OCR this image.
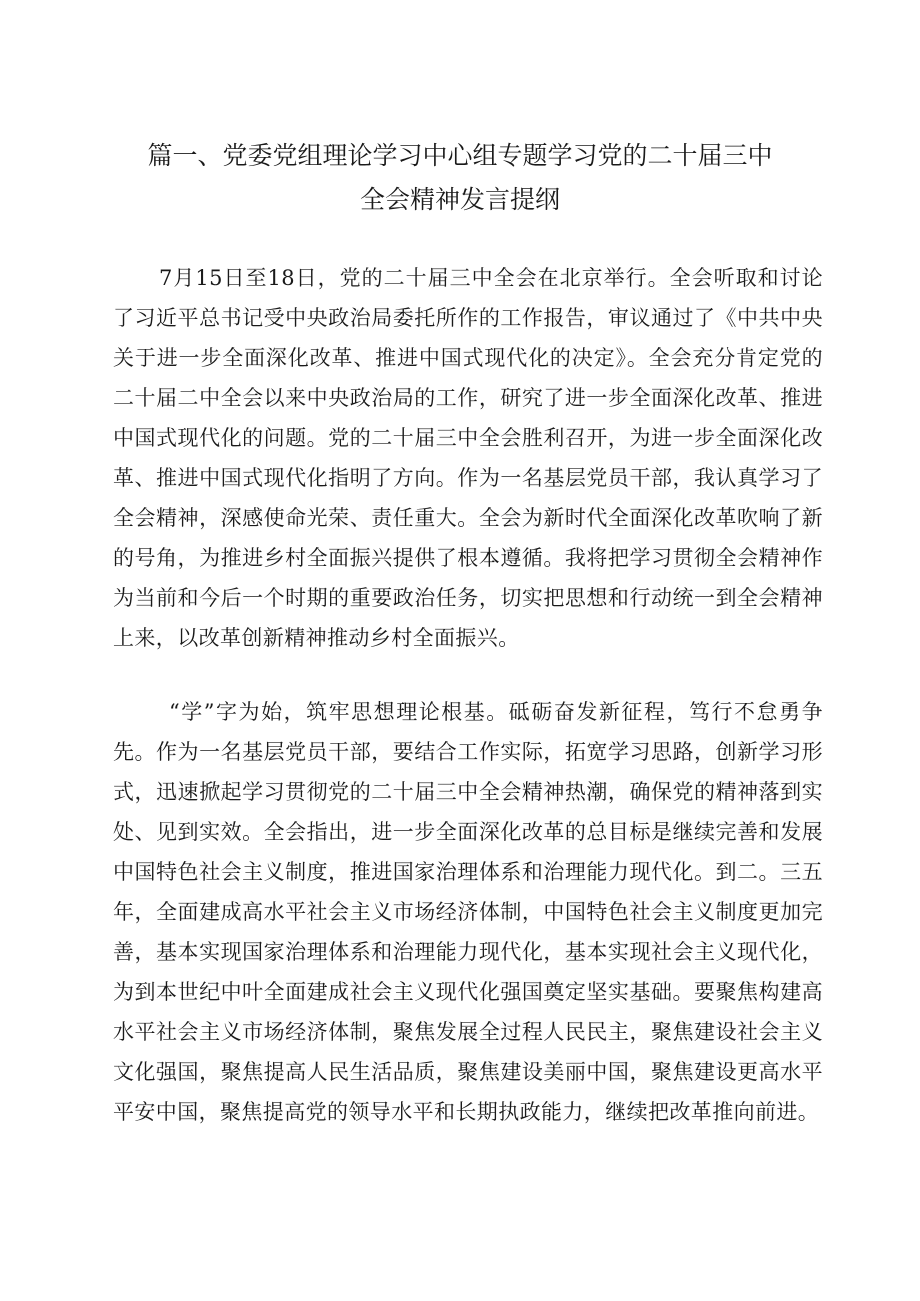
篇一、党委党组理论学习中心组专题学习党的二十届三中
全会精神发言提纲

7月15日至18日，党的二十届三中全会在北京举行。全会听取和讨论了习近平总书记受中央政治局委托所作的工作报告，审议通过了《中共中央关于进一步全面深化改革、推进中国式现代化的决定》。全会充分肯定党的二十届二中全会以来中央政治局的工作，研究了进一步全面深化改革、推进中国式现代化的问题。党的二十届三中全会胜利召开，为进一步全面深化改革、推进中国式现代化指明了方向。作为一名基层党员干部，我认真学习了全会精神，深感使命光荣、责任重大。全会为新时代全面深化改革吹响了新的号角，为推进乡村全面振兴提供了根本遵循。我将把学习贯彻全会精神作为当前和今后一个时期的重要政治任务，切实把思想和行动统一到全会精神上来，以改革创新精神推动乡村全面振兴。

“学”字为始，筑牢思想理论根基。砥砺奋发新征程，笃行不怠勇争先。作为一名基层党员干部，要结合工作实际，拓宽学习思路，创新学习形式，迅速掀起学习贯彻党的二十届三中全会精神热潮，确保党的精神落到实处、见到实效。全会指出，进一步全面深化改革的总目标是继续完善和发展中国特色社会主义制度，推进国家治理体系和治理能力现代化。到二。三五年，全面建成高水平社会主义市场经济体制，中国特色社会主义制度更加完善，基本实现国家治理体系和治理能力现代化，基本实现社会主义现代化，为到本世纪中叶全面建成社会主义现代化强国奠定坚实基础。要聚焦构建高水平社会主义市场经济体制，聚焦发展全过程人民民主，聚焦建设社会主义文化强国，聚焦提高人民生活品质，聚焦建设美丽中国，聚焦建设更高水平平安中国，聚焦提高党的领导水平和长期执政能力，继续把改革推向前进。
